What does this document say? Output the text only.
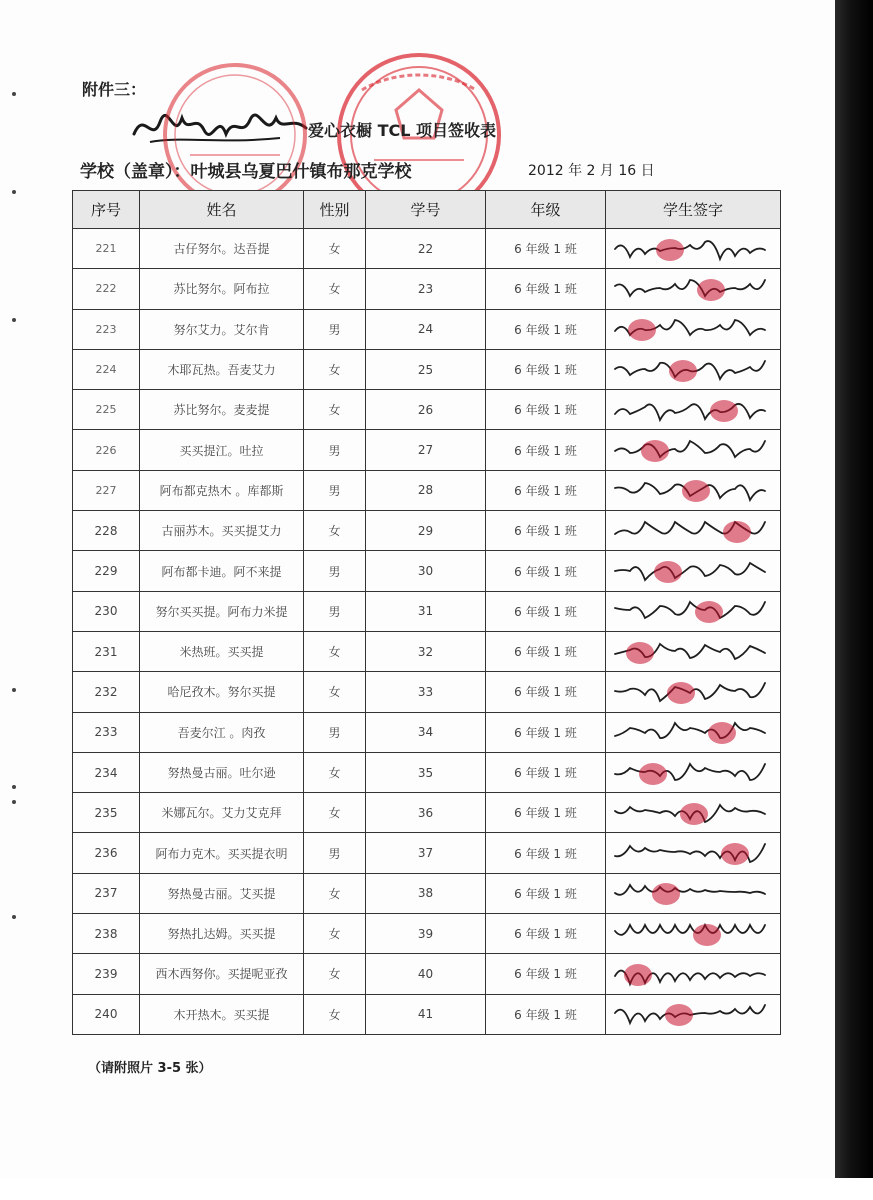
附件三：
爱心衣橱 TCL 项目签收表
学校（盖章）：叶城县乌夏巴什镇布那克学校	2012 年 2 月 16 日
序号	姓名	性别	学号	年级	学生签字
221	古仔努尔。达吾提	女	22	6 年级 1 班	

222	苏比努尔。阿布拉	女	23	6 年级 1 班	

223	努尔艾力。艾尔肯	男	24	6 年级 1 班	

224	木耶瓦热。吾麦艾力	女	25	6 年级 1 班	

225	苏比努尔。麦麦提	女	26	6 年级 1 班	

226	买买提江。吐拉	男	27	6 年级 1 班	

227	阿布都克热木 。库都斯	男	28	6 年级 1 班	

228	古丽苏木。买买提艾力	女	29	6 年级 1 班	

229	阿布都卡迪。阿不来提	男	30	6 年级 1 班	

230	努尔买买提。阿布力米提	男	31	6 年级 1 班	

231	米热班。买买提	女	32	6 年级 1 班	

232	哈尼孜木。努尔买提	女	33	6 年级 1 班	

233	吾麦尔江 。肉孜	男	34	6 年级 1 班	

234	努热曼古丽。吐尔逊	女	35	6 年级 1 班	

235	米娜瓦尔。艾力艾克拜	女	36	6 年级 1 班	

236	阿布力克木。买买提衣明	男	37	6 年级 1 班	

237	努热曼古丽。艾买提	女	38	6 年级 1 班	

238	努热扎达姆。买买提	女	39	6 年级 1 班	

239	西木西努你。买提呢亚孜	女	40	6 年级 1 班	

240	木开热木。买买提	女	41	6 年级 1 班	
（请附照片 3-5 张）
